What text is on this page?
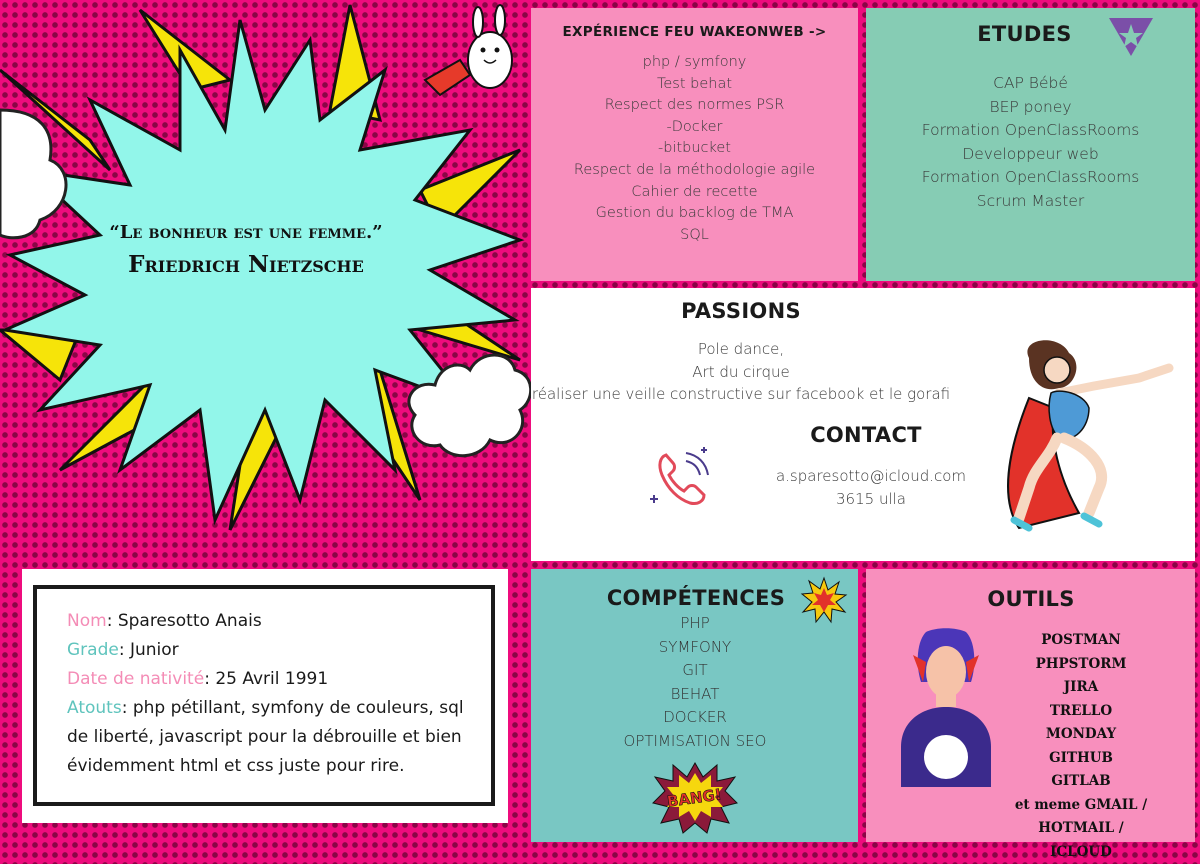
“Le bonheur est une femme.”
Friedrich Nietzsche
EXPÉRIENCE FEU WAKEONWEB ->
php / symfony
Test behat
Respect des normes PSR
-Docker
-bitbucket
Respect de la méthodologie agile
Cahier de recette
Gestion du backlog de TMA
SQL
ETUDES
CAP Bébé
BEP poney
Formation OpenClassRooms
Developpeur web
Formation OpenClassRooms
Scrum Master
PASSIONS
Pole dance,
Art du cirque
réaliser une veille constructive sur facebook et le gorafi
CONTACT
a.sparesotto@icloud.com
3615 ulla
COMPÉTENCES
PHP
SYMFONY
GIT
BEHAT
DOCKER
OPTIMISATION SEO
BANG!
OUTILS
POSTMAN
PHPSTORM
JIRA
TRELLO
MONDAY
GITHUB
GITLAB
et meme GMAIL / HOTMAIL /
ICLOUD
Nom: Sparesotto Anais
Grade: Junior
Date de nativité: 25 Avril 1991
Atouts: php pétillant, symfony de couleurs, sql de liberté, javascript pour la débrouille et bien évidemment html et css juste pour rire.
